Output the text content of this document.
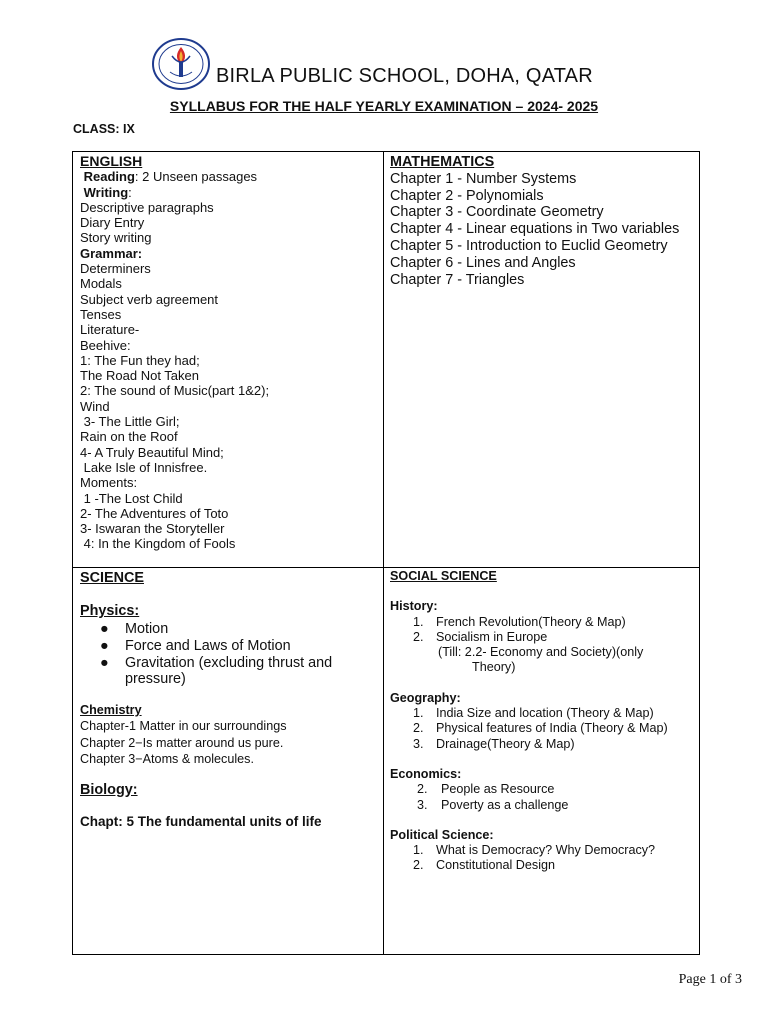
BIRLA PUBLIC SCHOOL, DOHA, QATAR
SYLLABUS FOR THE HALF YEARLY EXAMINATION – 2024- 2025
CLASS: IX
ENGLISH
Reading: 2 Unseen passages
Writing:
Descriptive paragraphs
Diary Entry
Story writing
Grammar:
Determiners
Modals
Subject verb agreement
Tenses
Literature-
Beehive:
1: The Fun they had;
The Road Not Taken
2: The sound of Music(part 1&2);
Wind
3- The Little Girl;
Rain on the Roof
4- A Truly Beautiful Mind;
Lake Isle of Innisfree.
Moments:
1 -The Lost Child
2- The Adventures of Toto
3- Iswaran the Storyteller
4: In the Kingdom of Fools
MATHEMATICS
Chapter 1 - Number Systems
Chapter 2 - Polynomials
Chapter 3 - Coordinate Geometry
Chapter 4 - Linear equations in Two variables
Chapter 5 - Introduction to Euclid Geometry
Chapter 6 - Lines and Angles
Chapter 7 - Triangles
SCIENCE
Physics:
● Motion
● Force and Laws of Motion
● Gravitation (excluding thrust and pressure)
Chemistry
Chapter-1 Matter in our surroundings
Chapter 2−Is matter around us pure.
Chapter 3−Atoms & molecules.
Biology:
Chapt: 5 The fundamental units of life
SOCIAL SCIENCE
History:
1. French Revolution(Theory & Map)
2. Socialism in Europe
(Till: 2.2- Economy and Society)(only
Theory)
Geography:
1. India Size and location (Theory & Map)
2. Physical features of India (Theory & Map)
3. Drainage(Theory & Map)
Economics:
2. People as Resource
3. Poverty as a challenge
Political Science:
1. What is Democracy? Why Democracy?
2. Constitutional Design
Page 1 of 3
